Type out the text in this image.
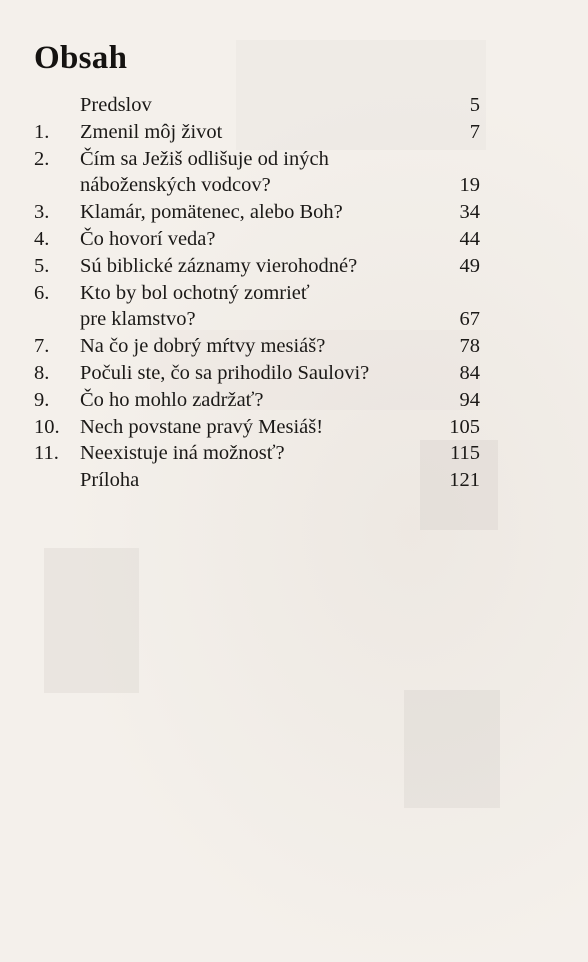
Obsah
Predslov	5
1.	Zmenil môj život	7
2.	Čím sa Ježiš odlišuje od iných
náboženských vodcov?	19
3.	Klamár, pomätenec, alebo Boh?	34
4.	Čo hovorí veda?	44
5.	Sú biblické záznamy vierohodné?	49
6.	Kto by bol ochotný zomrieť
pre klamstvo?	67
7.	Na čo je dobrý mŕtvy mesiáš?	78
8.	Počuli ste, čo sa prihodilo Saulovi?	84
9.	Čo ho mohlo zadržať?	94
10. Nech povstane pravý Mesiáš!	105
11.	Neexistuje iná možnosť?	115
Príloha	121
